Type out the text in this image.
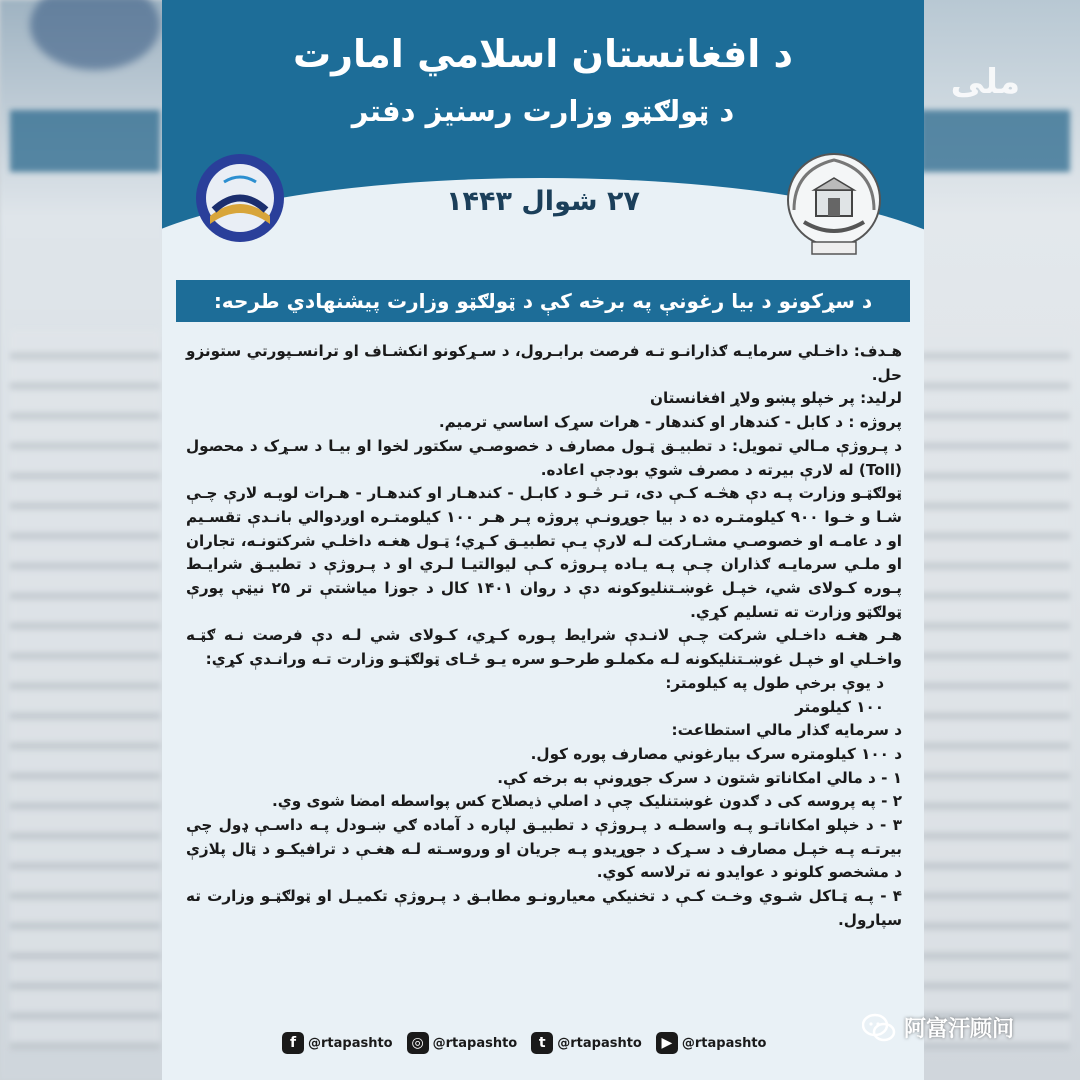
ملی
د افغانستان اسلامي امارت
د ټولګټو وزارت رسنيز دفتر
۲۷ شوال ۱۴۴۳
د سړکونو د بيا رغونې په برخه کې د ټولګټو وزارت پيشنهادي طرحه:

هـدف: داخـلي سرمايـه ګذارانـو تـه فرصت برابـرول، د سـړکونو انکشـاف او ترانسـپورتي ستونزو حل.

لرليد: پر خپلو پښو ولاړ افغانستان

پروژه : د کابل - کندهار او کندهار - هرات سړک اساسي ترميم.

د پـروژې مـالي تمويل: د تطبيـق ټـول مصارف د خصوصـي سکتور لخوا او بيـا د سـړک د محصول (Toll) له لارې بيرته د مصرف شوي بودجې اعاده.

ټولګټـو وزارت پـه دې هڅـه کـې دی، تـر څـو د کابـل - کندهـار او کندهـار - هـرات لويـه لارې چـې شـا و خـوا ۹۰۰ کيلومتـره ده د بيا جوړونـې پروژه پـر هـر ۱۰۰ کيلومتـره اوږدوالي بانـدې تقسـيم او د عامـه او خصوصـي مشـارکت لـه لارې يـې تطبيـق کـړي؛ ټـول هغـه داخلـي شرکتونـه، تجاران او ملـي سرمايـه ګذاران چـې پـه يـاده پـروژه کـې ليوالتيـا لـري او د پـروژې د تطبيـق شرايـط پـوره کـولای شي، خپـل غوښـتنليوکونه دې د روان ۱۴۰۱ کال د جوزا مياشتې تر ۲۵ نيټې پورې ټولګټو وزارت ته تسليم کړي.

هـر هغـه داخـلي شرکت چـې لانـدې شرايط پـوره کـړي، کـولای شي لـه دې فرصت نـه ګټـه واخـلي او خپـل غوښـتنليکونه لـه مکملـو طرحـو سره يـو ځـای ټولګټـو وزارت تـه ورانـدې کړي:

د يوې برخې طول په کيلومتر:

۱۰۰ کيلومتر

د سرمايه ګذار مالي استطاعت:

د ۱۰۰ کيلومتره سرک بيارغوني مصارف پوره کول.

۱ - د مالي امکاناتو شتون د سرک جوړونې به برخه کې.

۲ - په پروسه کی د ګدون غوښتنليک چې د اصلي ذيصلاح کس پواسطه امضا شوی وي.

۳ - د خپلو امکاناتـو پـه واسطـه د پـروژې د تطبيـق لپاره د آماده ګي ښـودل پـه داسـې ډول چې بيرتـه پـه خپـل مصارف د سـړک د جوړيدو پـه جريان او وروسـته لـه هغـې د ترافيکـو د ټال پلازې د مشخصو کلونو د عوايدو نه ترلاسه کوي.

۴ - پـه ټـاکل شـوي وخـت کـې د تخنيکي معيارونـو مطابـق د پـروژې تکميـل او ټولګټـو وزارت ته سپارول.

f @rtapashto	◎ @rtapashto	t @rtapashto	▶ @rtapashto
阿富汗顾问
